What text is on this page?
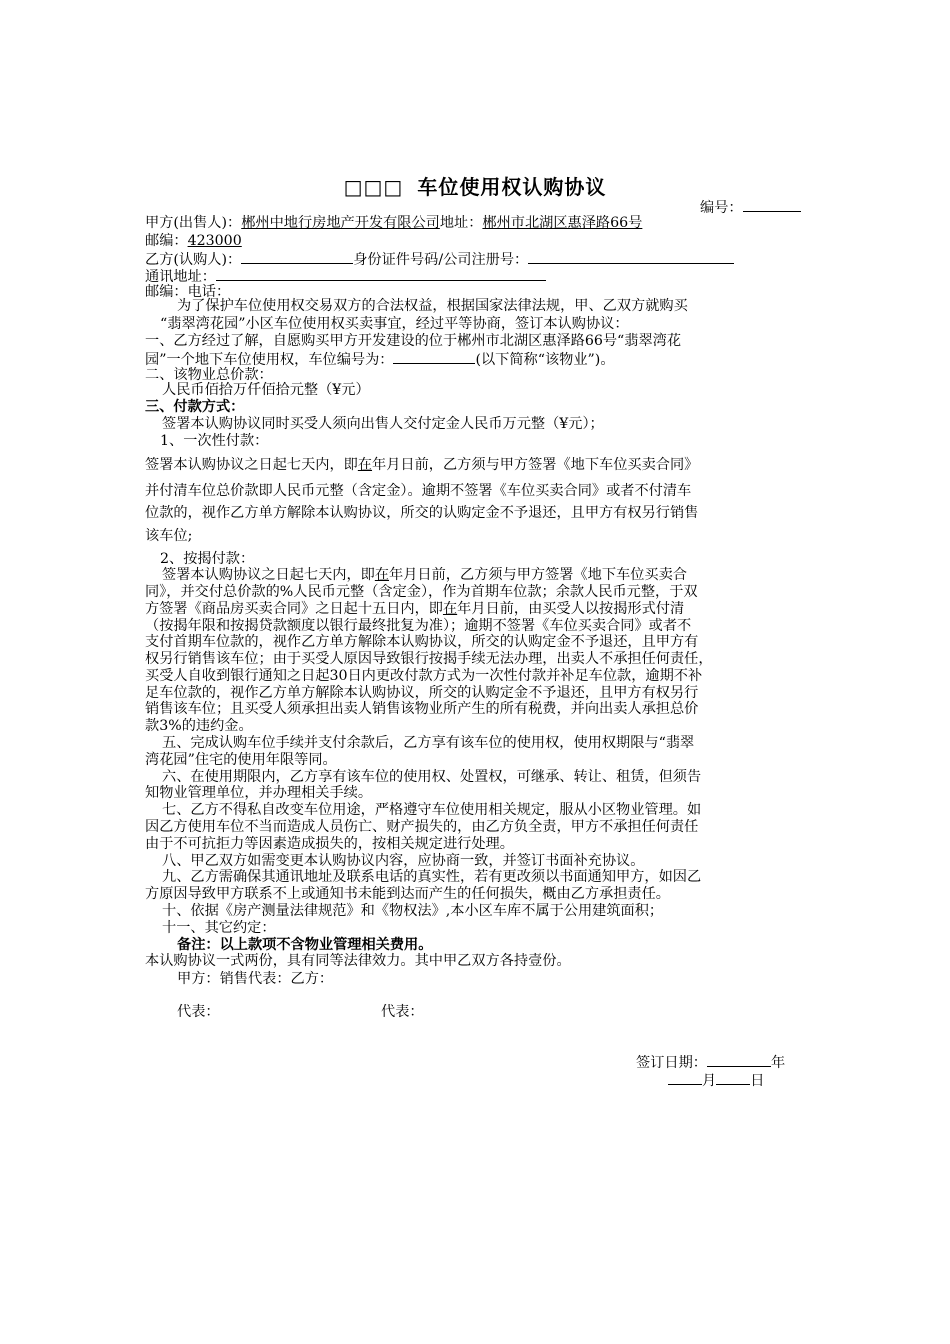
□□□ 车位使用权认购协议
编号：
甲方(出售人)：郴州中地行房地产开发有限公司地址：郴州市北湖区惠泽路66号
邮编：423000
乙方(认购人)：	身份证件号码/公司注册号：
通讯地址：
邮编：电话：
为了保护车位使用权交易双方的合法权益，根据国家法律法规，甲、乙双方就购买
“翡翠湾花园”小区车位使用权买卖事宜，经过平等协商，签订本认购协议：
一、乙方经过了解，自愿购买甲方开发建设的位于郴州市北湖区惠泽路66号“翡翠湾花
园”一个地下车位使用权，车位编号为：	(以下简称“该物业”)。
二、该物业总价款：
人民币佰拾万仟佰拾元整（¥元）
三、付款方式：
签署本认购协议同时买受人须向出售人交付定金人民币万元整（¥元）；
1、一次性付款：
签署本认购协议之日起七天内，即在年月日前，乙方须与甲方签署《地下车位买卖合同》
并付清车位总价款即人民币元整（含定金）。逾期不签署《车位买卖合同》或者不付清车
位款的，视作乙方单方解除本认购协议，所交的认购定金不予退还，且甲方有权另行销售
该车位;
2、按揭付款：
签署本认购协议之日起七天内，即在年月日前，乙方须与甲方签署《地下车位买卖合
同》，并交付总价款的%人民币元整（含定金），作为首期车位款；余款人民币元整，于双
方签署《商品房买卖合同》之日起十五日内，即在年月日前，由买受人以按揭形式付清
（按揭年限和按揭贷款额度以银行最终批复为准）；逾期不签署《车位买卖合同》或者不
支付首期车位款的，视作乙方单方解除本认购协议，所交的认购定金不予退还，且甲方有
权另行销售该车位；由于买受人原因导致银行按揭手续无法办理，出卖人不承担任何责任，
买受人自收到银行通知之日起30日内更改付款方式为一次性付款并补足车位款，逾期不补
足车位款的，视作乙方单方解除本认购协议，所交的认购定金不予退还，且甲方有权另行
销售该车位；且买受人须承担出卖人销售该物业所产生的所有税费，并向出卖人承担总价
款3%的违约金。
五、完成认购车位手续并支付余款后，乙方享有该车位的使用权，使用权期限与“翡翠
湾花园”住宅的使用年限等同。
六、在使用期限内，乙方享有该车位的使用权、处置权，可继承、转让、租赁，但须告
知物业管理单位，并办理相关手续。
七、乙方不得私自改变车位用途，严格遵守车位使用相关规定，服从小区物业管理。如
因乙方使用车位不当而造成人员伤亡、财产损失的，由乙方负全责，甲方不承担任何责任
由于不可抗拒力等因素造成损失的，按相关规定进行处理。
八、甲乙双方如需变更本认购协议内容，应协商一致，并签订书面补充协议。
九、乙方需确保其通讯地址及联系电话的真实性，若有更改须以书面通知甲方，如因乙
方原因导致甲方联系不上或通知书未能到达而产生的任何损失，概由乙方承担责任。
十、依据《房产测量法律规范》和《物权法》,本小区车库不属于公用建筑面积；
十一、其它约定：
备注：以上款项不含物业管理相关费用。
本认购协议一式两份，具有同等法律效力。其中甲乙双方各持壹份。
甲方：销售代表：乙方：
代表：	代表：
签订日期：	年
月 日
